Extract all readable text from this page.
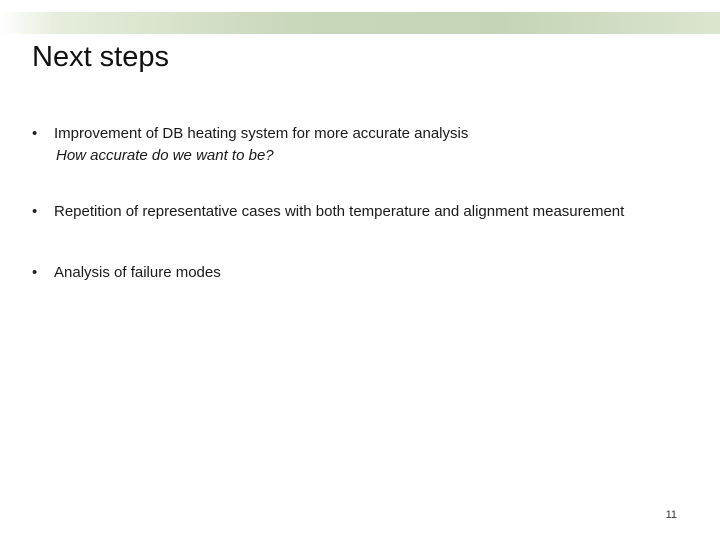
Next steps
•	Improvement of DB heating system for more accurate analysis
How accurate do we want to be?
•	Repetition of representative cases with both temperature and alignment measurement
•	Analysis of failure modes
11
